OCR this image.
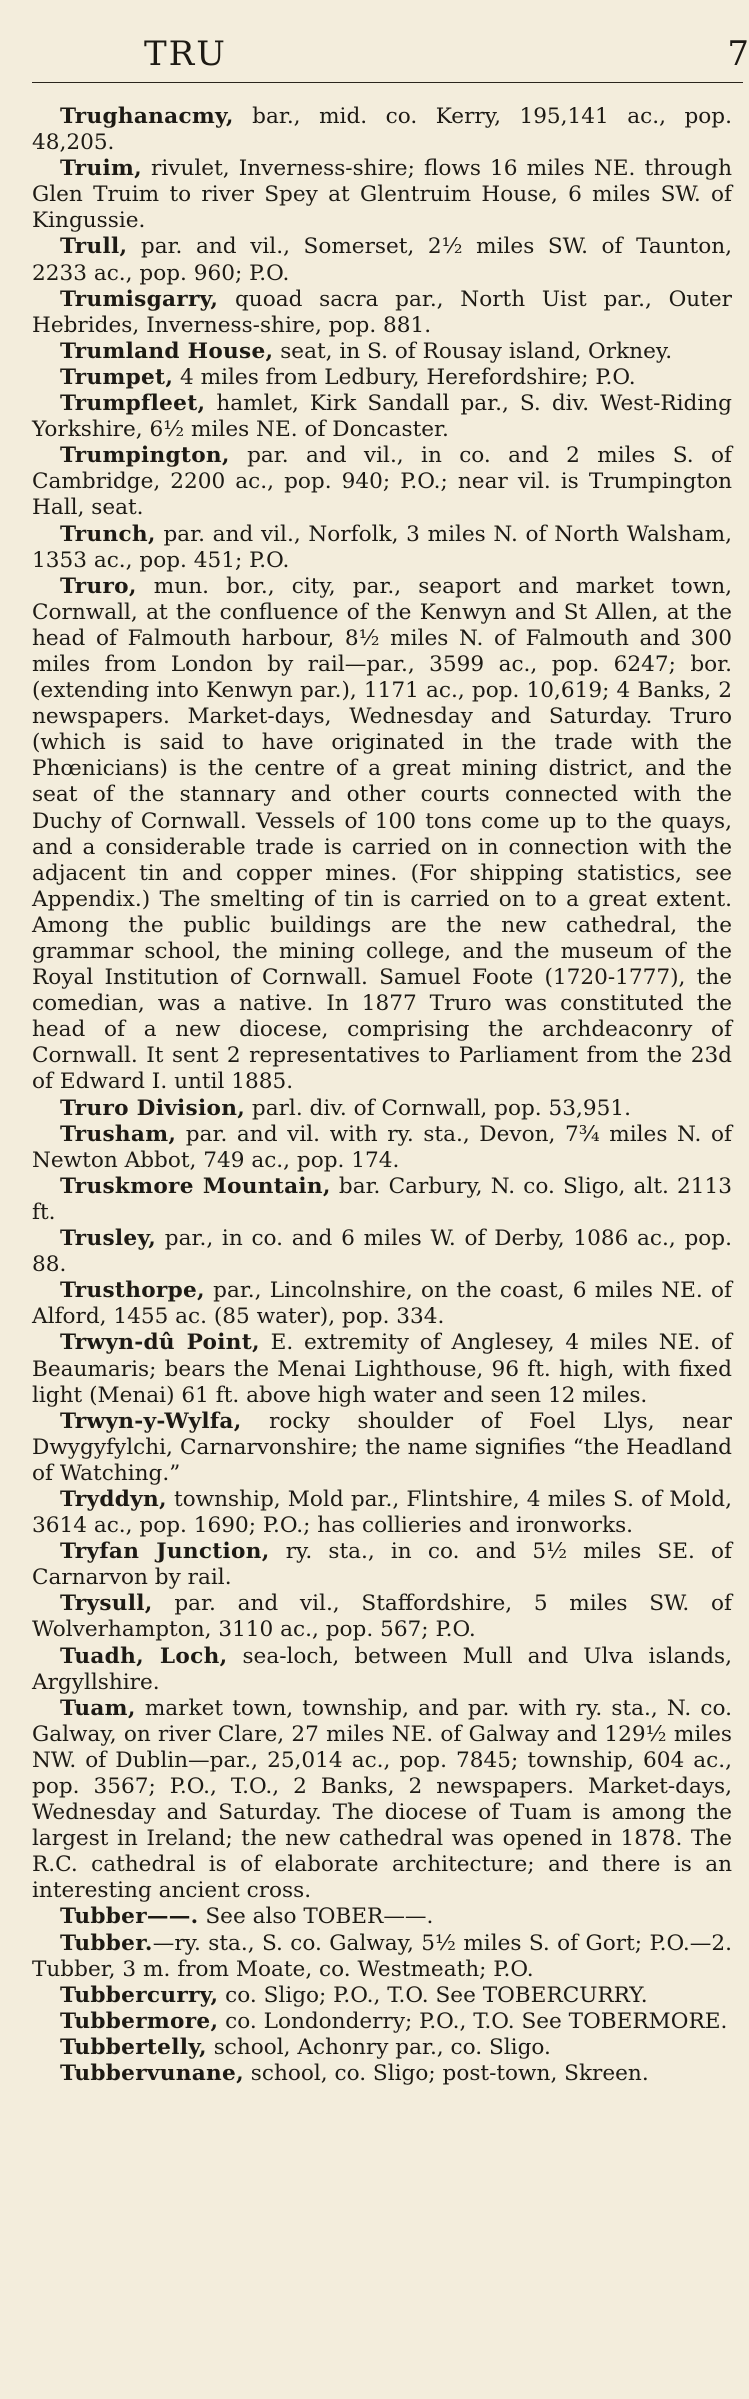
TRU	7

Trughanacmy, bar., mid. co. Kerry, 195,141 ac., pop. 48,205.

Truim, rivulet, Inverness-shire; flows 16 miles NE. through Glen Truim to river Spey at Glentruim House, 6 miles SW. of Kingussie.

Trull, par. and vil., Somerset, 2½ miles SW. of Taunton, 2233 ac., pop. 960; P.O.

Trumisgarry, quoad sacra par., North Uist par., Outer Hebrides, Inverness-shire, pop. 881.

Trumland House, seat, in S. of Rousay island, Orkney.

Trumpet, 4 miles from Ledbury, Herefordshire; P.O.

Trumpfleet, hamlet, Kirk Sandall par., S. div. West-Riding Yorkshire, 6½ miles NE. of Doncaster.

Trumpington, par. and vil., in co. and 2 miles S. of Cambridge, 2200 ac., pop. 940; P.O.; near vil. is Trumpington Hall, seat.

Trunch, par. and vil., Norfolk, 3 miles N. of North Walsham, 1353 ac., pop. 451; P.O.

Truro, mun. bor., city, par., seaport and market town, Cornwall, at the confluence of the Kenwyn and St Allen, at the head of Falmouth harbour, 8½ miles N. of Falmouth and 300 miles from London by rail—par., 3599 ac., pop. 6247; bor. (extending into Kenwyn par.), 1171 ac., pop. 10,619; 4 Banks, 2 newspapers. Market-days, Wednesday and Saturday. Truro (which is said to have originated in the trade with the Phœnicians) is the centre of a great mining district, and the seat of the stannary and other courts connected with the Duchy of Cornwall. Vessels of 100 tons come up to the quays, and a considerable trade is carried on in connection with the adjacent tin and copper mines. (For shipping statistics, see Appendix.) The smelting of tin is carried on to a great extent. Among the public buildings are the new cathedral, the grammar school, the mining college, and the museum of the Royal Institution of Cornwall. Samuel Foote (1720-1777), the comedian, was a native. In 1877 Truro was constituted the head of a new diocese, comprising the archdeaconry of Cornwall. It sent 2 representatives to Parliament from the 23d of Edward I. until 1885.

Truro Division, parl. div. of Cornwall, pop. 53,951.

Trusham, par. and vil. with ry. sta., Devon, 7¾ miles N. of Newton Abbot, 749 ac., pop. 174.

Truskmore Mountain, bar. Carbury, N. co. Sligo, alt. 2113 ft.

Trusley, par., in co. and 6 miles W. of Derby, 1086 ac., pop. 88.

Trusthorpe, par., Lincolnshire, on the coast, 6 miles NE. of Alford, 1455 ac. (85 water), pop. 334.

Trwyn-dû Point, E. extremity of Anglesey, 4 miles NE. of Beaumaris; bears the Menai Lighthouse, 96 ft. high, with fixed light (Menai) 61 ft. above high water and seen 12 miles.

Trwyn-y-Wylfa, rocky shoulder of Foel Llys, near Dwygyfylchi, Carnarvonshire; the name signifies “the Headland of Watching.”

Tryddyn, township, Mold par., Flintshire, 4 miles S. of Mold, 3614 ac., pop. 1690; P.O.; has collieries and ironworks.

Tryfan Junction, ry. sta., in co. and 5½ miles SE. of Carnarvon by rail.

Trysull, par. and vil., Staffordshire, 5 miles SW. of Wolverhampton, 3110 ac., pop. 567; P.O.

Tuadh, Loch, sea-loch, between Mull and Ulva islands, Argyllshire.

Tuam, market town, township, and par. with ry. sta., N. co. Galway, on river Clare, 27 miles NE. of Galway and 129½ miles NW. of Dublin—par., 25,014 ac., pop. 7845; township, 604 ac., pop. 3567; P.O., T.O., 2 Banks, 2 newspapers. Market-days, Wednesday and Saturday. The diocese of Tuam is among the largest in Ireland; the new cathedral was opened in 1878. The R.C. cathedral is of elaborate architecture; and there is an interesting ancient cross.

Tubber——. See also TOBER——.

Tubber.—ry. sta., S. co. Galway, 5½ miles S. of Gort; P.O.—2. Tubber, 3 m. from Moate, co. Westmeath; P.O.

Tubbercurry, co. Sligo; P.O., T.O. See TOBERCURRY.

Tubbermore, co. Londonderry; P.O., T.O. See TOBERMORE.

Tubbertelly, school, Achonry par., co. Sligo.

Tubbervunane, school, co. Sligo; post-town, Skreen.
